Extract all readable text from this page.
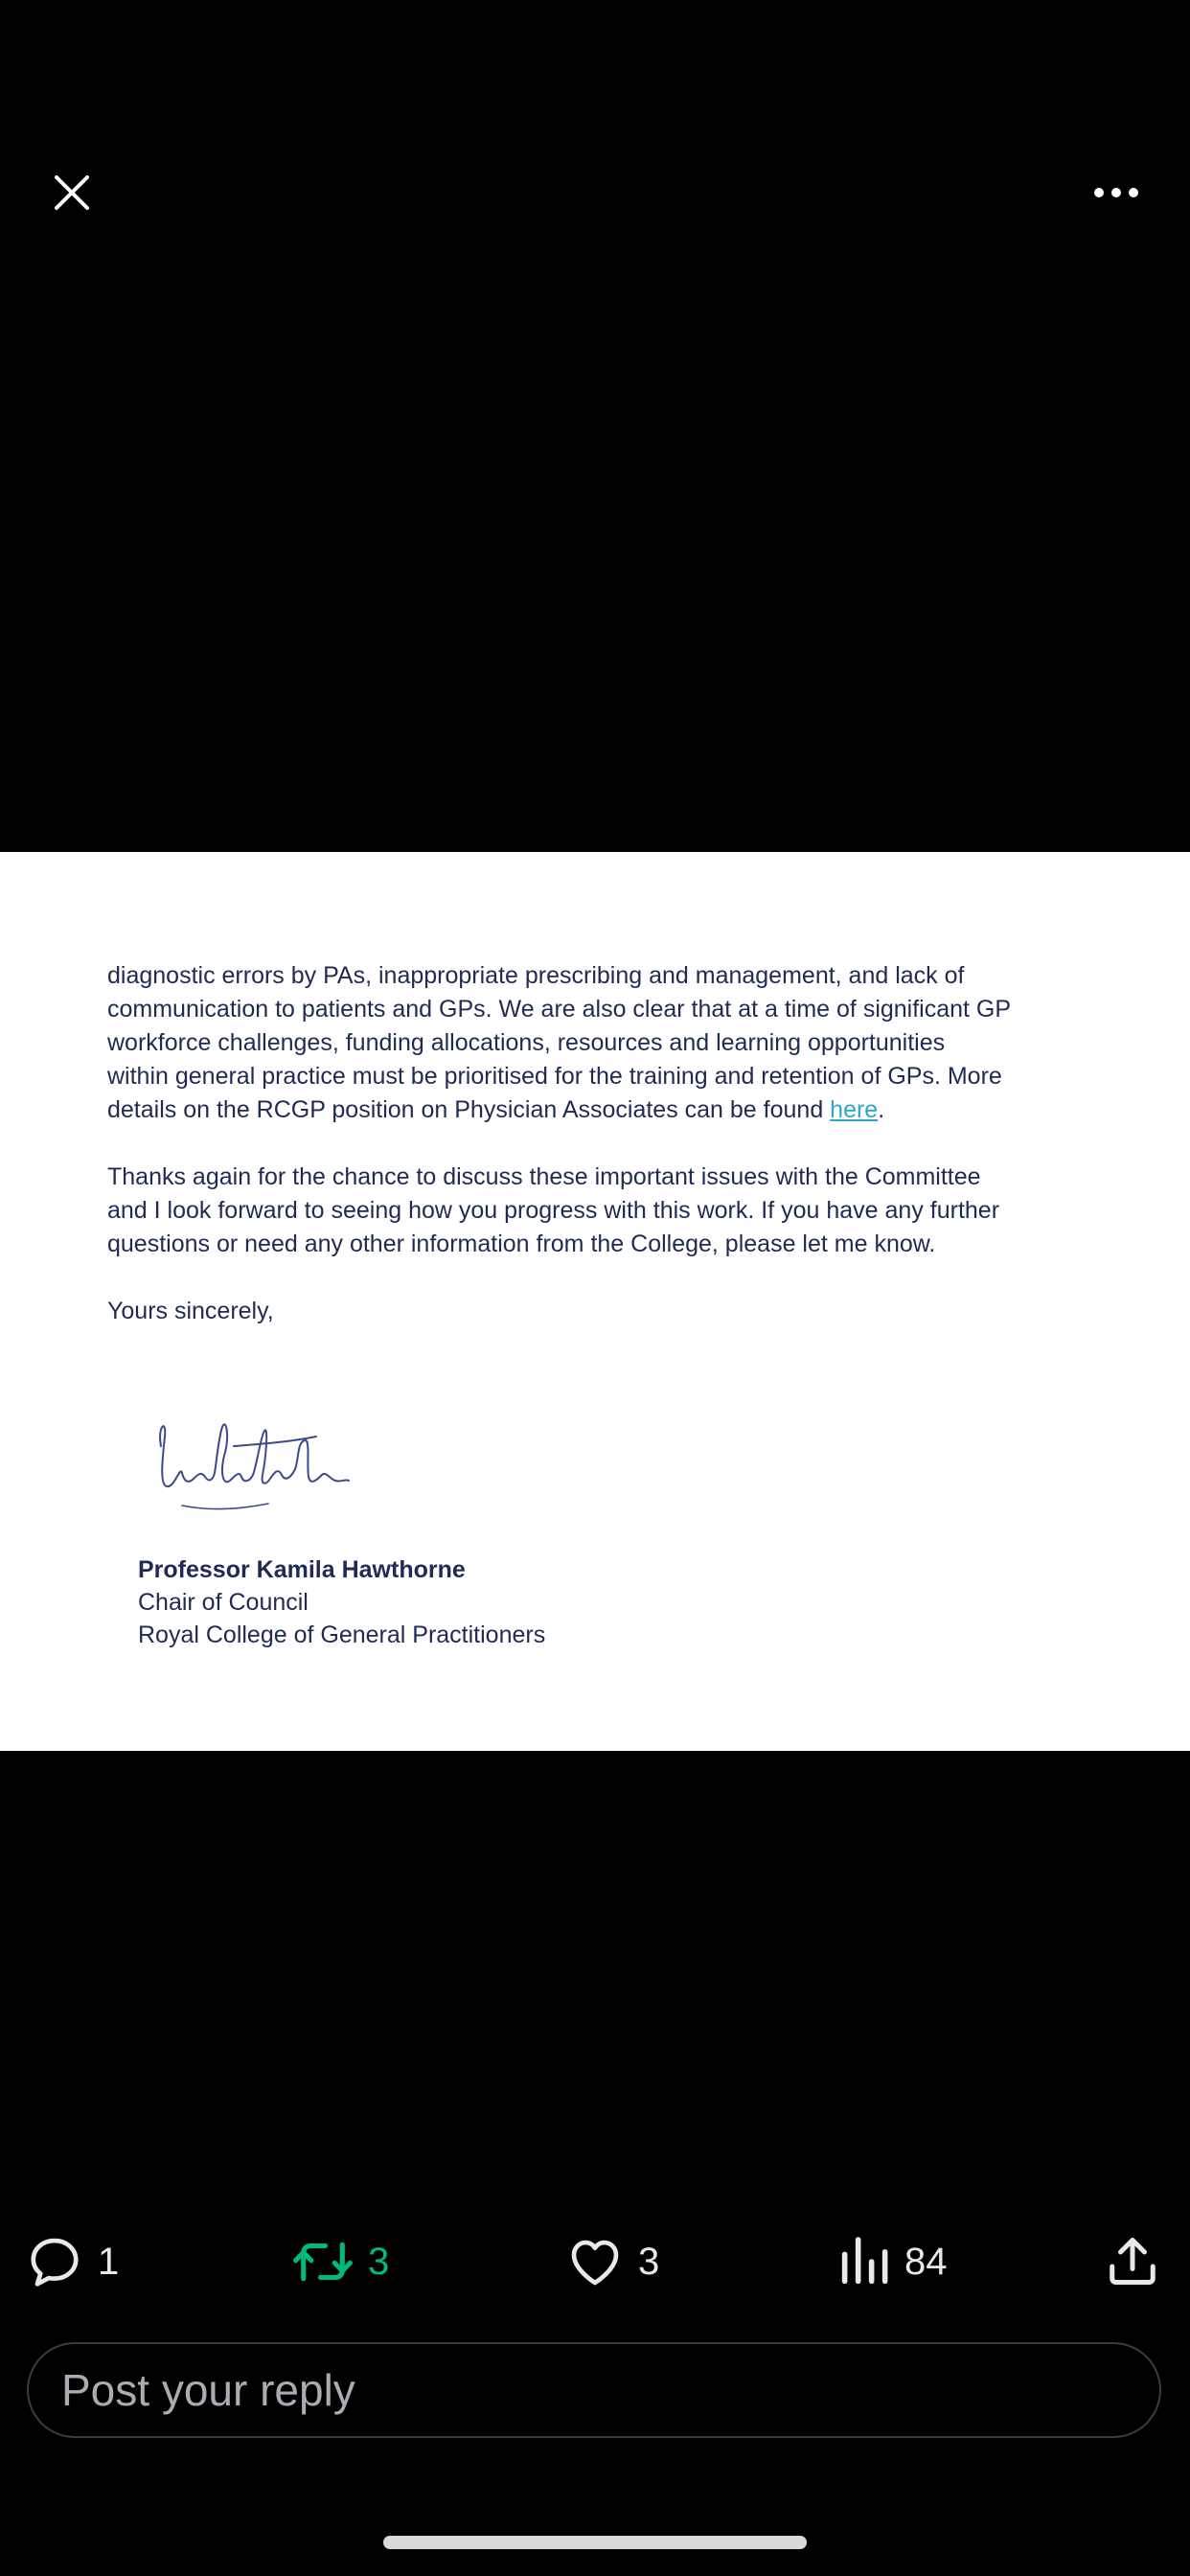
diagnostic errors by PAs, inappropriate prescribing and management, and lack of

communication to patients and GPs. We are also clear that at a time of significant GP

workforce challenges, funding allocations, resources and learning opportunities

within general practice must be prioritised for the training and retention of GPs. More

details on the RCGP position on Physician Associates can be found here.

Thanks again for the chance to discuss these important issues with the Committee

and I look forward to seeing how you progress with this work. If you have any further

questions or need any other information from the College, please let me know.

Yours sincerely,

Professor Kamila Hawthorne
Chair of Council
Royal College of General Practitioners
1	3	3	84
Post your reply
